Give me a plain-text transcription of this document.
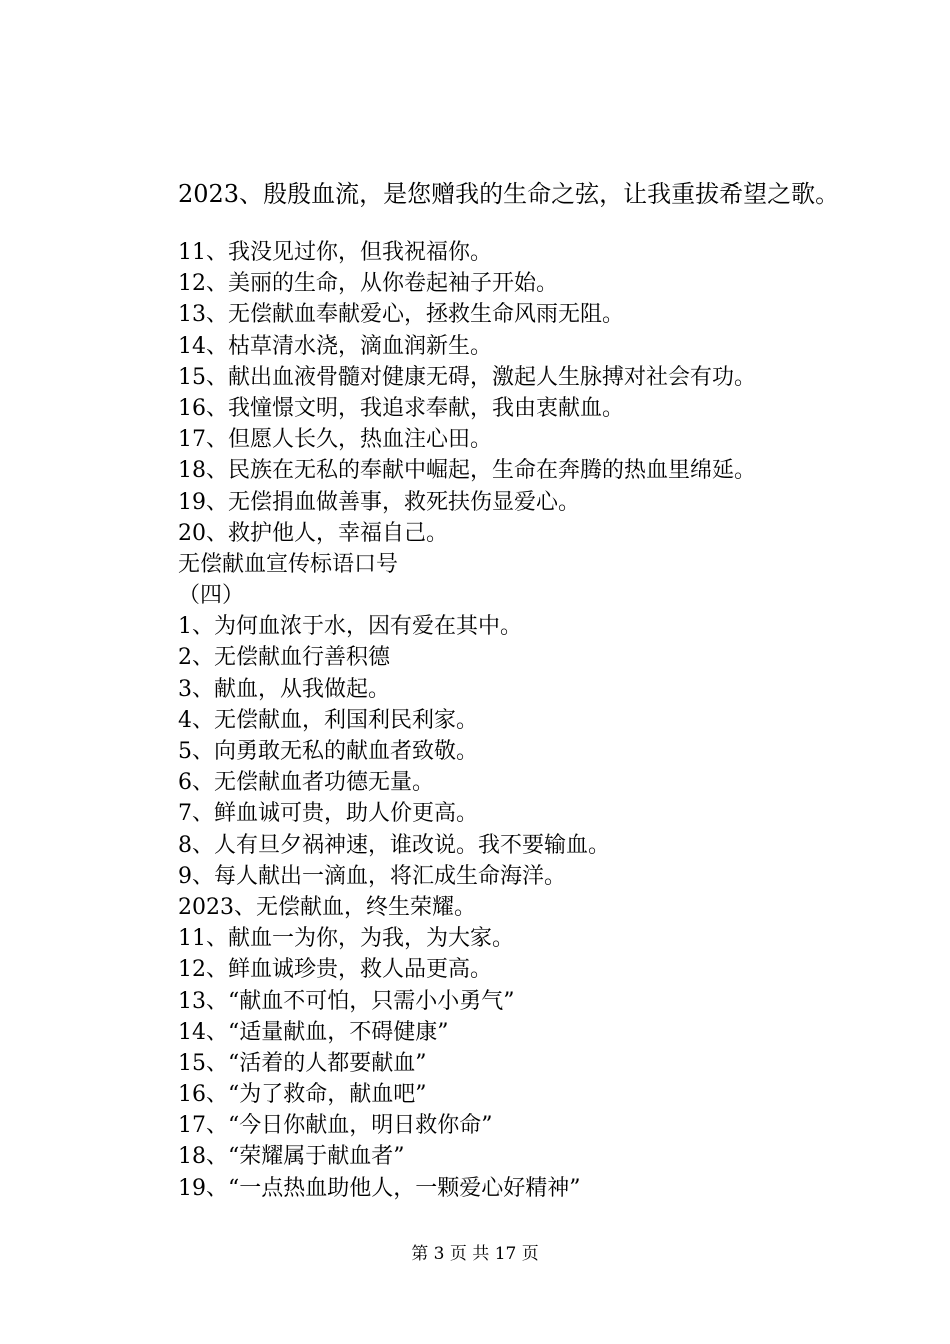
2023、殷殷血流，是您赠我的生命之弦，让我重拔希望之歌。
11、我没见过你，但我祝福你。
12、美丽的生命，从你卷起袖子开始。
13、无偿献血奉献爱心，拯救生命风雨无阻。
14、枯草清水浇，滴血润新生。
15、献出血液骨髓对健康无碍，激起人生脉搏对社会有功。
16、我憧憬文明，我追求奉献，我由衷献血。
17、但愿人长久，热血注心田。
18、民族在无私的奉献中崛起，生命在奔腾的热血里绵延。
19、无偿捐血做善事，救死扶伤显爱心。
20、救护他人，幸福自己。
无偿献血宣传标语口号
（四）
1、为何血浓于水，因有爱在其中。
2、无偿献血行善积德
3、献血，从我做起。
4、无偿献血，利国利民利家。
5、向勇敢无私的献血者致敬。
6、无偿献血者功德无量。
7、鲜血诚可贵，助人价更高。
8、人有旦夕祸神速，谁改说。我不要输血。
9、每人献出一滴血，将汇成生命海洋。
2023、无偿献血，终生荣耀。
11、献血一为你，为我，为大家。
12、鲜血诚珍贵，救人品更高。
13、“献血不可怕，只需小小勇气”
14、“适量献血，不碍健康”
15、“活着的人都要献血”
16、“为了救命，献血吧”
17、“今日你献血，明日救你命”
18、“荣耀属于献血者”
19、“一点热血助他人，一颗爱心好精神”
第 3 页 共 17 页
